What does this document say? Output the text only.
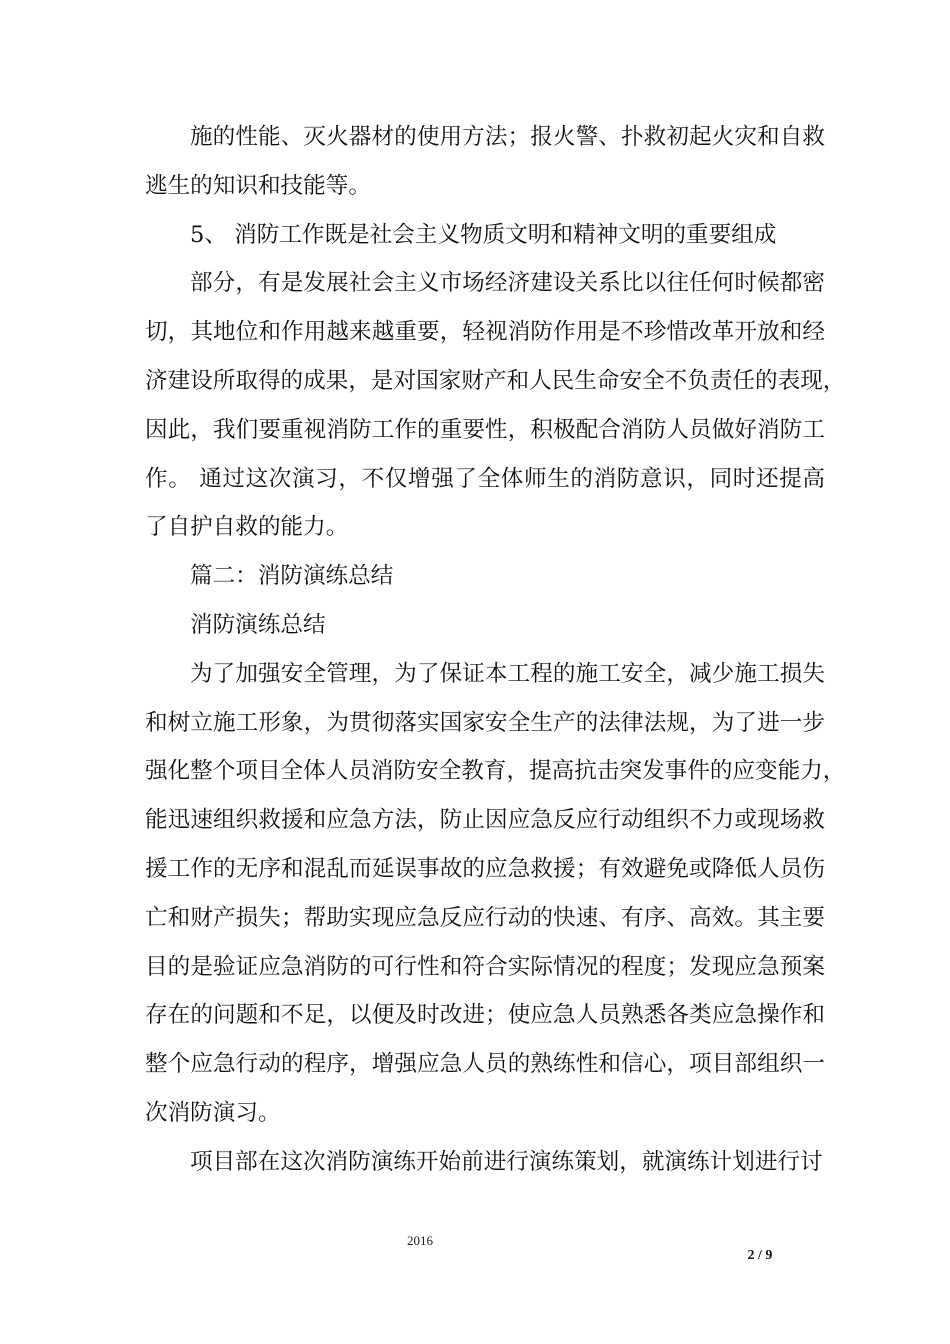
施的性能、灭火器材的使用方法；报火警、扑救初起火灾和自救
逃生的知识和技能等。
5、 消防工作既是社会主义物质文明和精神文明的重要组成
部分，有是发展社会主义市场经济建设关系比以往任何时候都密
切，其地位和作用越来越重要，轻视消防作用是不珍惜改革开放和经
济建设所取得的成果，是对国家财产和人民生命安全不负责任的表现，
因此，我们要重视消防工作的重要性，积极配合消防人员做好消防工
作。 通过这次演习，不仅增强了全体师生的消防意识，同时还提高
了自护自救的能力。
篇二：消防演练总结
消防演练总结
为了加强安全管理，为了保证本工程的施工安全，减少施工损失
和树立施工形象，为贯彻落实国家安全生产的法律法规，为了进一步
强化整个项目全体人员消防安全教育，提高抗击突发事件的应变能力，
能迅速组织救援和应急方法，防止因应急反应行动组织不力或现场救
援工作的无序和混乱而延误事故的应急救援；有效避免或降低人员伤
亡和财产损失；帮助实现应急反应行动的快速、有序、高效。其主要
目的是验证应急消防的可行性和符合实际情况的程度；发现应急预案
存在的问题和不足，以便及时改进；使应急人员熟悉各类应急操作和
整个应急行动的程序，增强应急人员的熟练性和信心，项目部组织一
次消防演习。
项目部在这次消防演练开始前进行演练策划，就演练计划进行讨
2016
2 / 9
